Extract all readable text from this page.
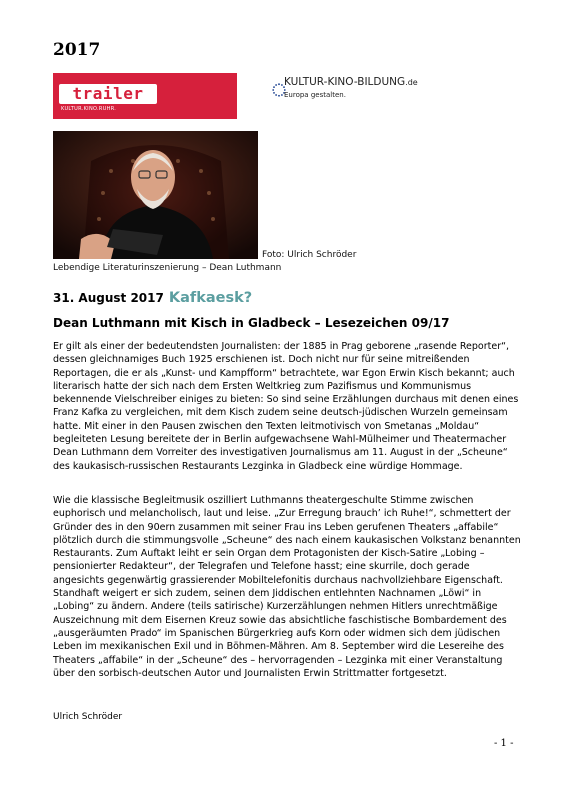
2017
trailer
KULTUR.KINO.RUHR.
KULTUR-KINO-BILDUNG.de
Europa gestalten.
Foto: Ulrich Schröder
Lebendige Literaturinszenierung – Dean Luthmann
31. August 2017 Kafkaesk?
Dean Luthmann mit Kisch in Gladbeck – Lesezeichen 09/17

Er gilt als einer der bedeutendsten Journalisten: der 1885 in Prag geborene „rasende Reporter“, dessen gleichnamiges Buch 1925 erschienen ist. Doch nicht nur für seine mitreißenden Reportagen, die er als „Kunst- und Kampfform“ betrachtete, war Egon Erwin Kisch bekannt; auch literarisch hatte der sich nach dem Ersten Weltkrieg zum Pazifismus und Kommunismus bekennende Vielschreiber einiges zu bieten: So sind seine Erzählungen durchaus mit denen eines Franz Kafka zu vergleichen, mit dem Kisch zudem seine deutsch-jüdischen Wurzeln gemeinsam hatte. Mit einer in den Pausen zwischen den Texten leitmotivisch von Smetanas „Moldau“ begleiteten Lesung bereitete der in Berlin aufgewachsene Wahl-Mülheimer und Theatermacher Dean Luthmann dem Vorreiter des investigativen Journalismus am 11. August in der „Scheune“ des kaukasisch-russischen Restaurants Lezginka in Gladbeck eine würdige Hommage.

Wie die klassische Begleitmusik oszilliert Luthmanns theatergeschulte Stimme zwischen euphorisch und melancholisch, laut und leise. „Zur Erregung brauch’ ich Ruhe!“, schmettert der Gründer des in den 90ern zusammen mit seiner Frau ins Leben gerufenen Theaters „affabile“ plötzlich durch die stimmungsvolle „Scheune“ des nach einem kaukasischen Volkstanz benannten Restaurants. Zum Auftakt leiht er sein Organ dem Protagonisten der Kisch-Satire „Lobing – pensionierter Redakteur“, der Telegrafen und Telefone hasst; eine skurrile, doch gerade angesichts gegenwärtig grassierender Mobiltelefonitis durchaus nachvollziehbare Eigenschaft. Standhaft weigert er sich zudem, seinen dem Jiddischen entlehnten Nachnamen „Löwi“ in „Lobing“ zu ändern. Andere (teils satirische) Kurzerzählungen nehmen Hitlers unrechtmäßige Auszeichnung mit dem Eisernen Kreuz sowie das absichtliche faschistische Bombardement des „ausgeräumten Prado“ im Spanischen Bürgerkrieg aufs Korn oder widmen sich dem jüdischen Leben im mexikanischen Exil und in Böhmen-Mähren. Am 8. September wird die Lesereihe des Theaters „affabile“ in der „Scheune“ des – hervorragenden – Lezginka mit einer Veranstaltung über den sorbisch-deutschen Autor und Journalisten Erwin Strittmatter fortgesetzt.

Ulrich Schröder
- 1 -
